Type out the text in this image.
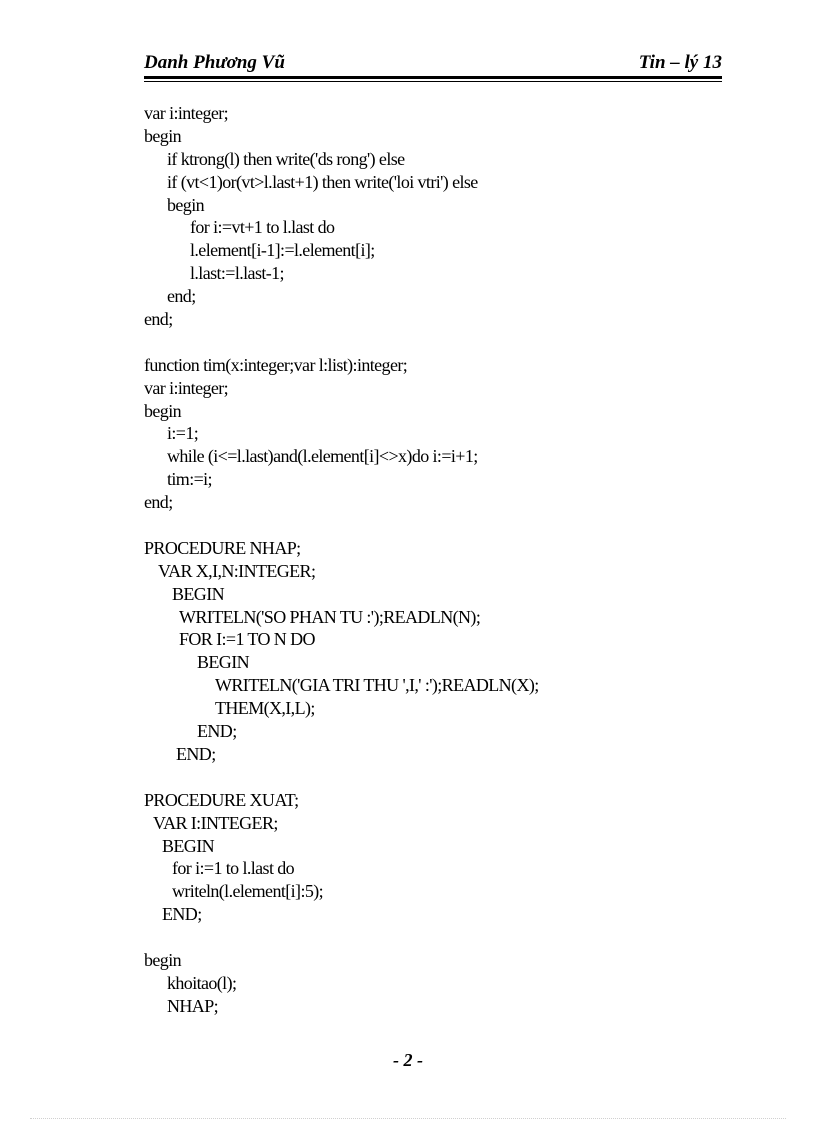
Danh Phương Vũ	Tin – lý 13
var i:integer;
begin
if ktrong(l) then write('ds rong') else
if (vt<1)or(vt>l.last+1) then write('loi vtri') else
begin
for i:=vt+1 to l.last do
l.element[i-1]:=l.element[i];
l.last:=l.last-1;
end;
end;
function tim(x:integer;var l:list):integer;
var i:integer;
begin
i:=1;
while (i<=l.last)and(l.element[i]<>x)do i:=i+1;
tim:=i;
end;
PROCEDURE NHAP;
VAR X,I,N:INTEGER;
BEGIN
WRITELN('SO PHAN TU :');READLN(N);
FOR I:=1 TO N DO
BEGIN
WRITELN('GIA TRI THU ',I,' :');READLN(X);
THEM(X,I,L);
END;
END;
PROCEDURE XUAT;
VAR I:INTEGER;
BEGIN
for i:=1 to l.last do
writeln(l.element[i]:5);
END;
begin
khoitao(l);
NHAP;
- 2 -
